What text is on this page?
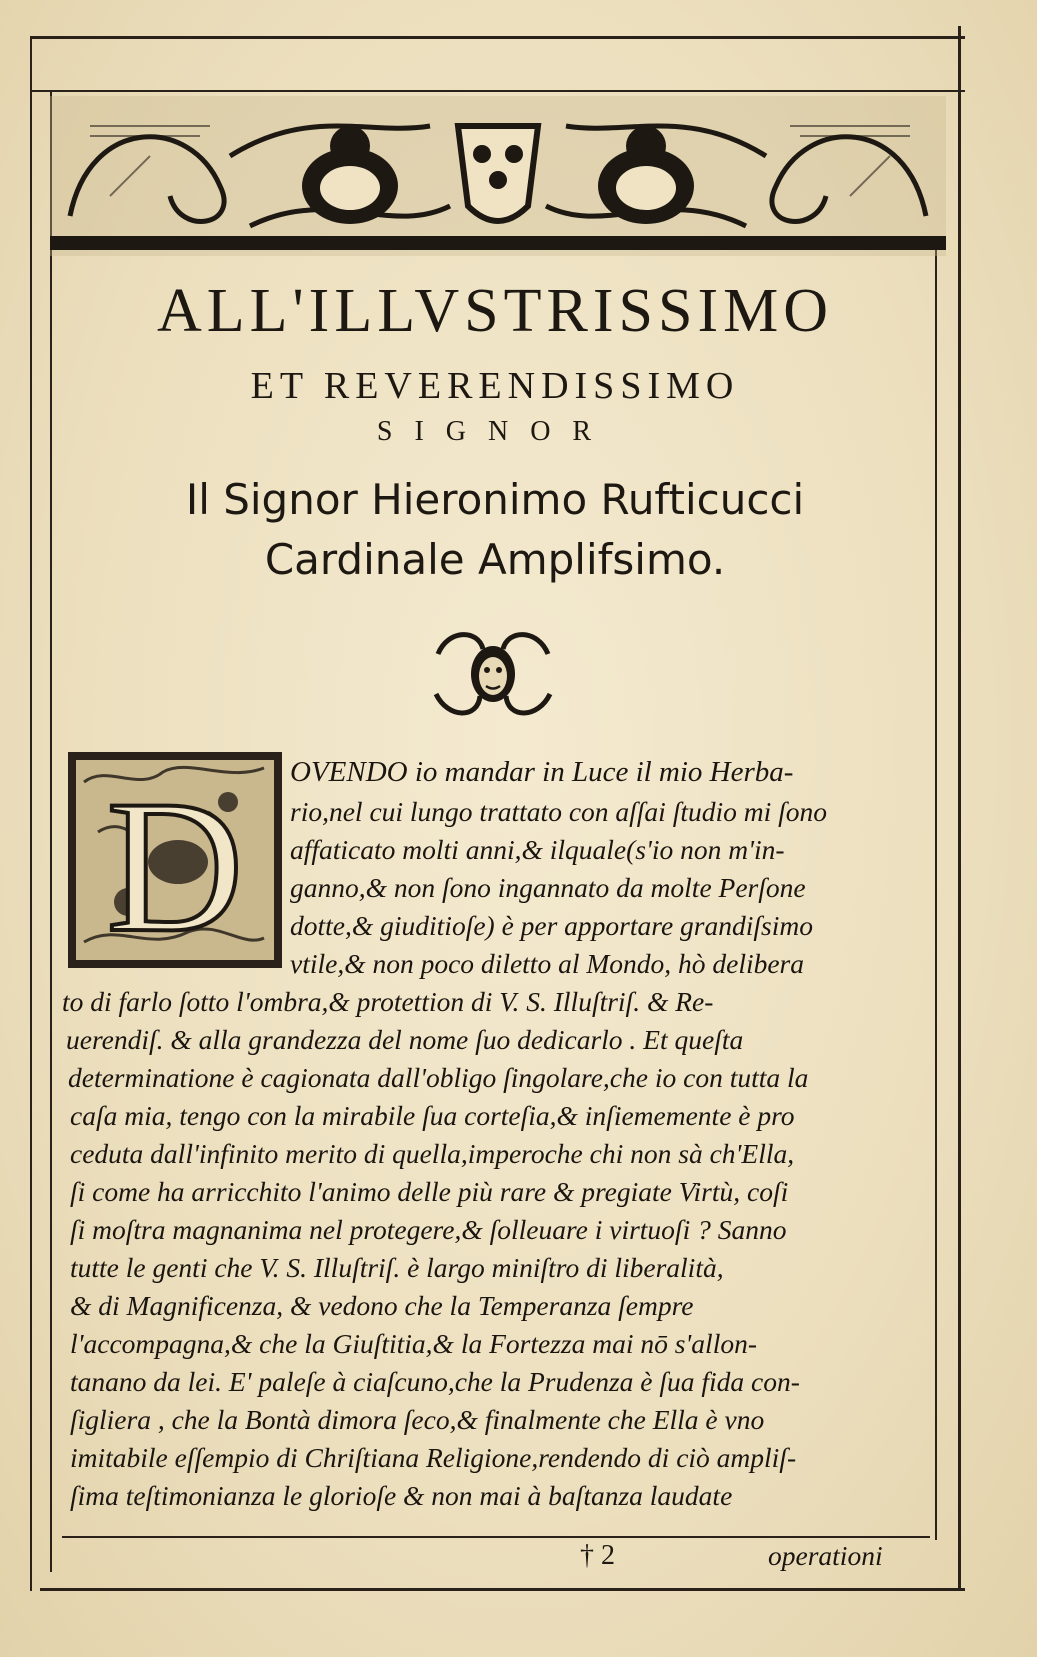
ALL'ILLVSTRISSIMO
ET REVERENDISSIMO
SIGNOR
Il Signor Hieronimo Rufticucci
Cardinale Amplifsimo.
D OVENDO io mandar in Luce il mio Herba-
rio,nel cui lungo trattato con aſſai ſtudio mi ſono
affaticato molti anni,& ilquale(s'io non m'in-
ganno,& non ſono ingannato da molte Perſone
dotte,& giuditioſe) è per apportare grandiſsimo
vtile,& non poco diletto al Mondo, hò delibera
to di farlo ſotto l'ombra,& protettion di V. S. Illuſtriſ. & Re-
uerendiſ. & alla grandezza del nome ſuo dedicarlo . Et queſta
determinatione è cagionata dall'obligo ſingolare,che io con tutta la
caſa mia, tengo con la mirabile ſua corteſia,& inſiememente è pro
ceduta dall'infinito merito di quella,imperoche chi non sà ch'Ella,
ſi come ha arricchito l'animo delle più rare & pregiate Virtù, coſi
ſi moſtra magnanima nel protegere,& ſolleuare i virtuoſi ? Sanno
tutte le genti che V. S. Illuſtriſ. è largo miniſtro di liberalità,
& di Magnificenza, & vedono che la Temperanza ſempre
l'accompagna,& che la Giuſtitia,& la Fortezza mai nō s'allon-
tanano da lei. E' paleſe à ciaſcuno,che la Prudenza è ſua fida con-
ſigliera , che la Bontà dimora ſeco,& finalmente che Ella è vno
imitabile eſſempio di Chriſtiana Religione,rendendo di ciò ampliſ-
ſima teſtimonianza le glorioſe & non mai à baſtanza laudate
† 2	operationi
